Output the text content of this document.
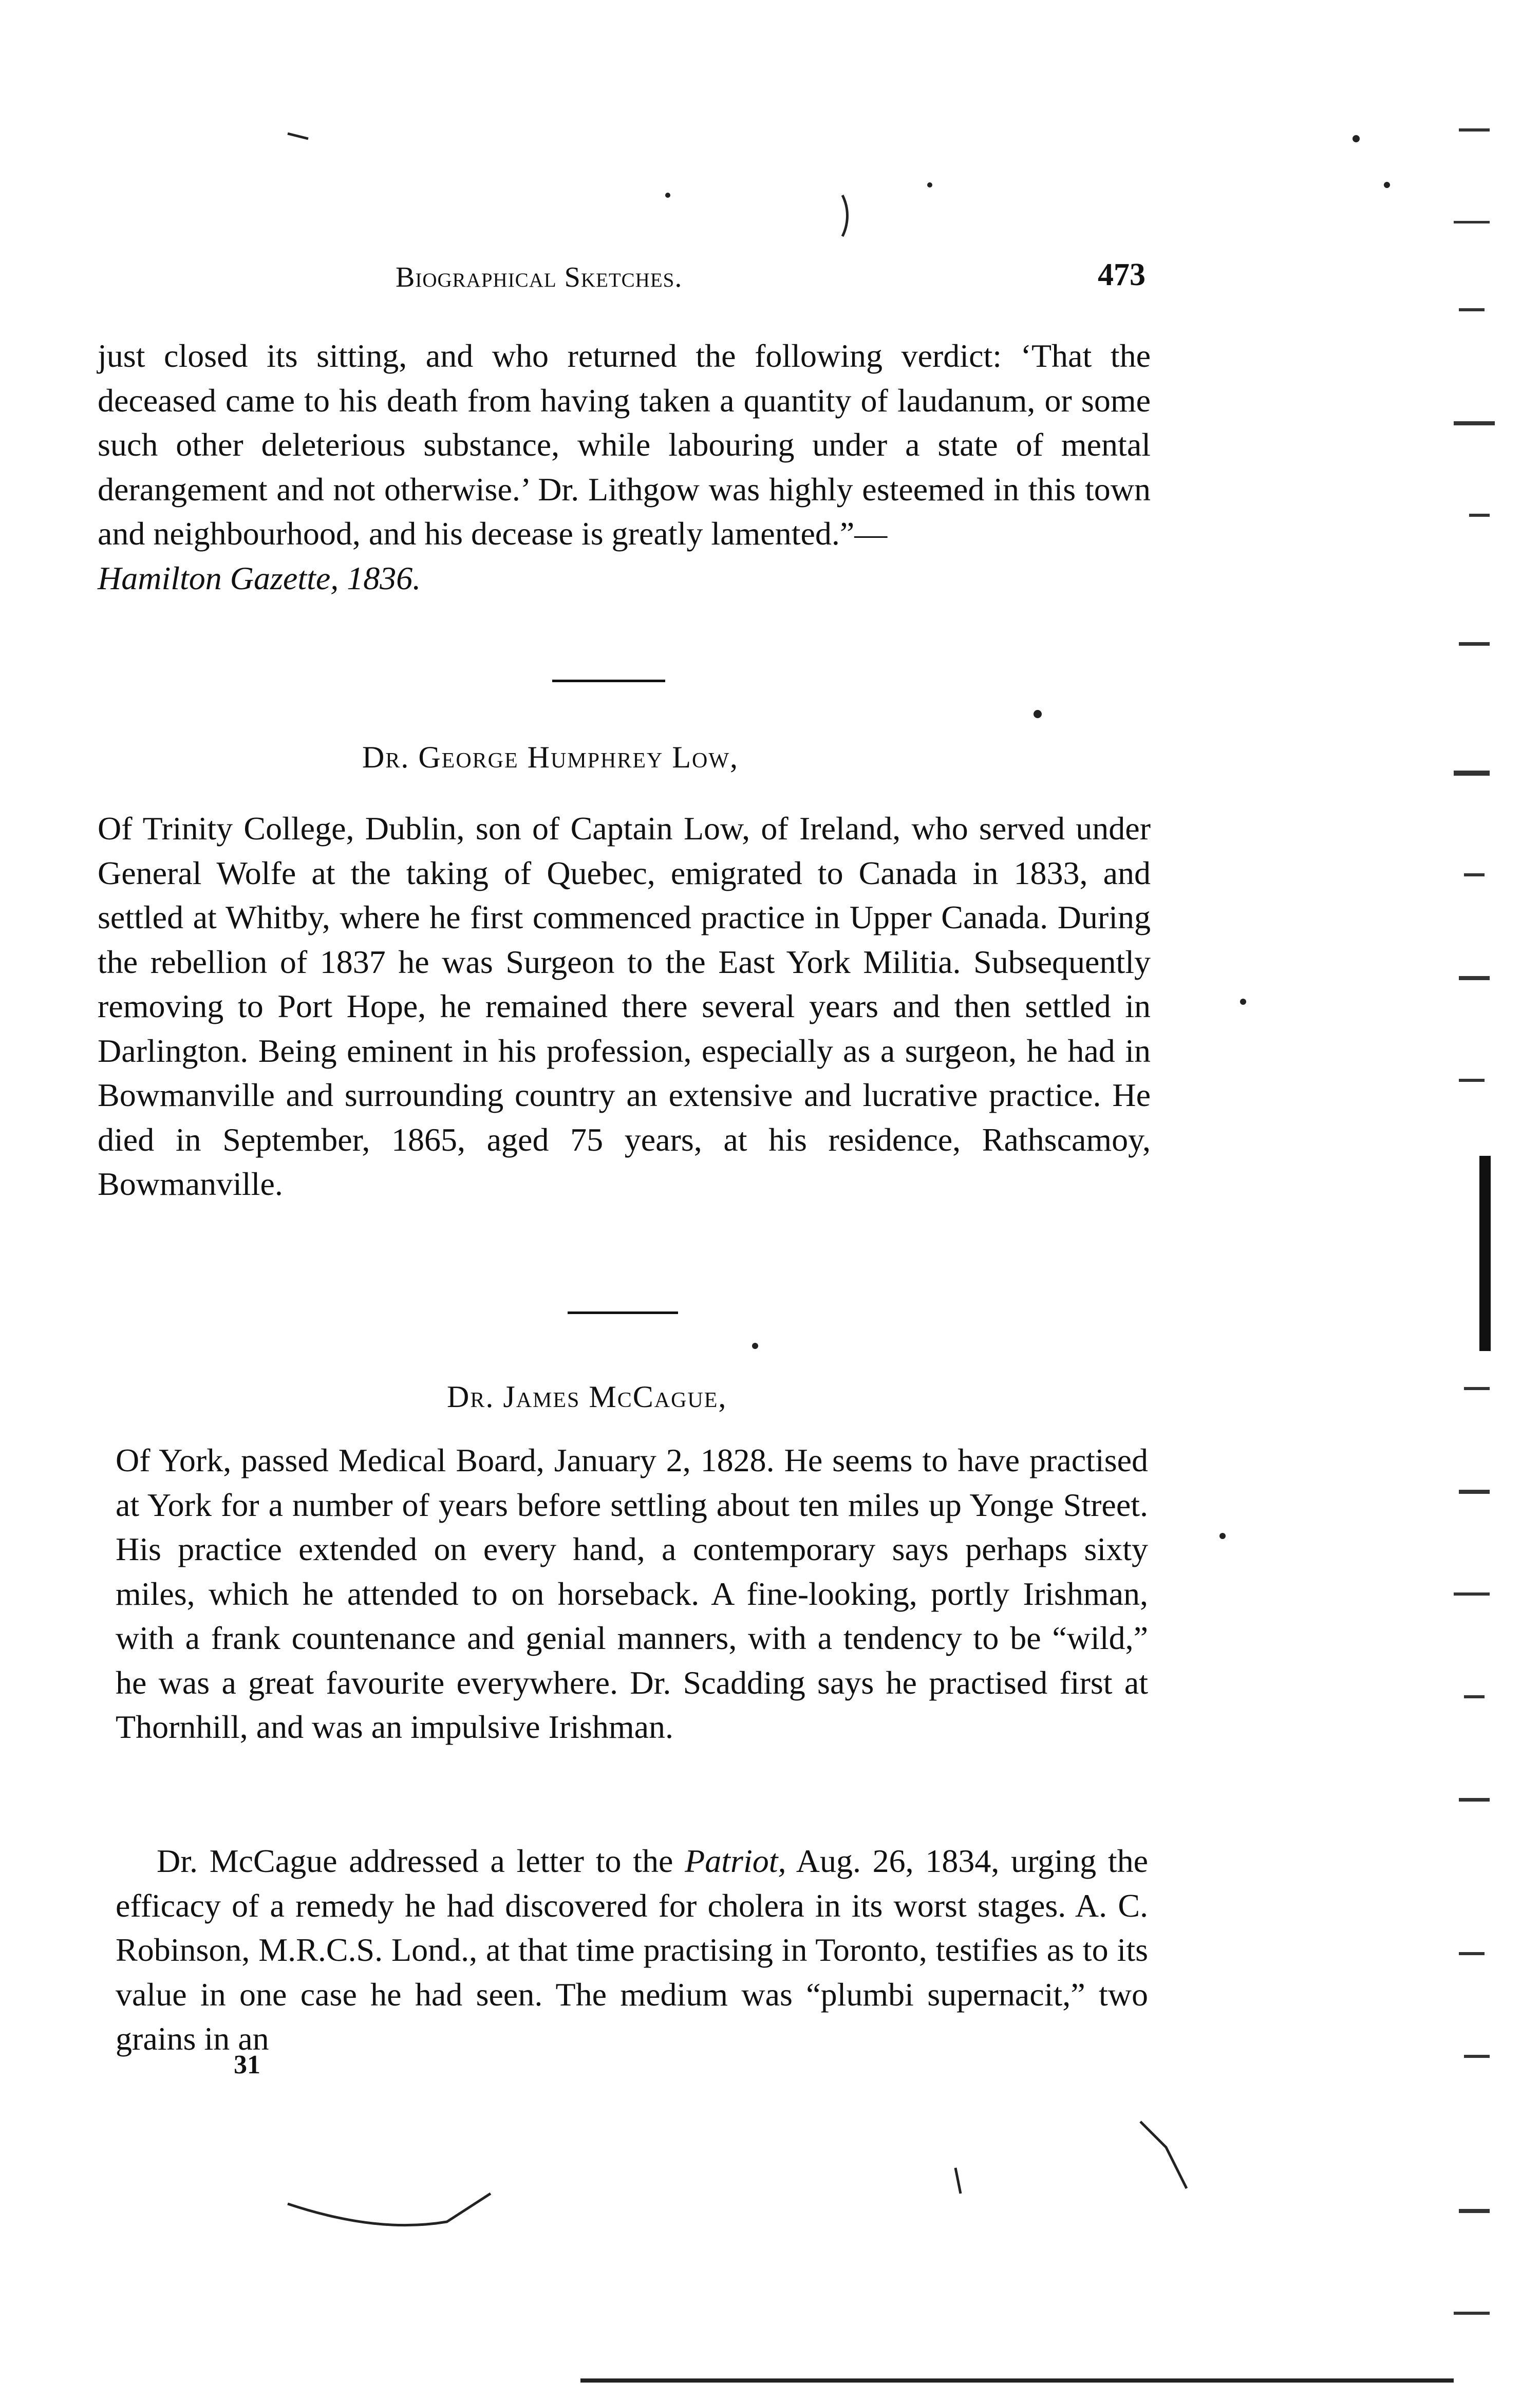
Biographical Sketches.	473
just closed its sitting, and who returned the following verdict: ‘That the deceased came to his death from having taken a quantity of laudanum, or some such other deleterious substance, while labouring under a state of mental derangement and not otherwise.’ Dr. Lithgow was highly esteemed in this town and neighbourhood, and his decease is greatly lamented.”—
Hamilton Gazette, 1836.
Dr. George Humphrey Low,
Of Trinity College, Dublin, son of Captain Low, of Ireland, who served under General Wolfe at the taking of Quebec, emigrated to Canada in 1833, and settled at Whitby, where he first commenced practice in Upper Canada. During the rebellion of 1837 he was Surgeon to the East York Militia. Subsequently removing to Port Hope, he remained there several years and then settled in Darlington. Being eminent in his profession, especially as a surgeon, he had in Bowmanville and surrounding country an extensive and lucrative practice. He died in September, 1865, aged 75 years, at his residence, Rathscamoy, Bowmanville.
Dr. James McCague,
Of York, passed Medical Board, January 2, 1828. He seems to have practised at York for a number of years before settling about ten miles up Yonge Street. His practice extended on every hand, a contemporary says perhaps sixty miles, which he attended to on horseback. A fine-looking, portly Irishman, with a frank countenance and genial manners, with a tendency to be “wild,” he was a great favourite everywhere. Dr. Scadding says he practised first at Thornhill, and was an impulsive Irishman.
Dr. McCague addressed a letter to the Patriot, Aug. 26, 1834, urging the efficacy of a remedy he had discovered for cholera in its worst stages. A. C. Robinson, M.R.C.S. Lond., at that time practising in Toronto, testifies as to its value in one case he had seen. The medium was “plumbi supernacit,” two grains in an
31
